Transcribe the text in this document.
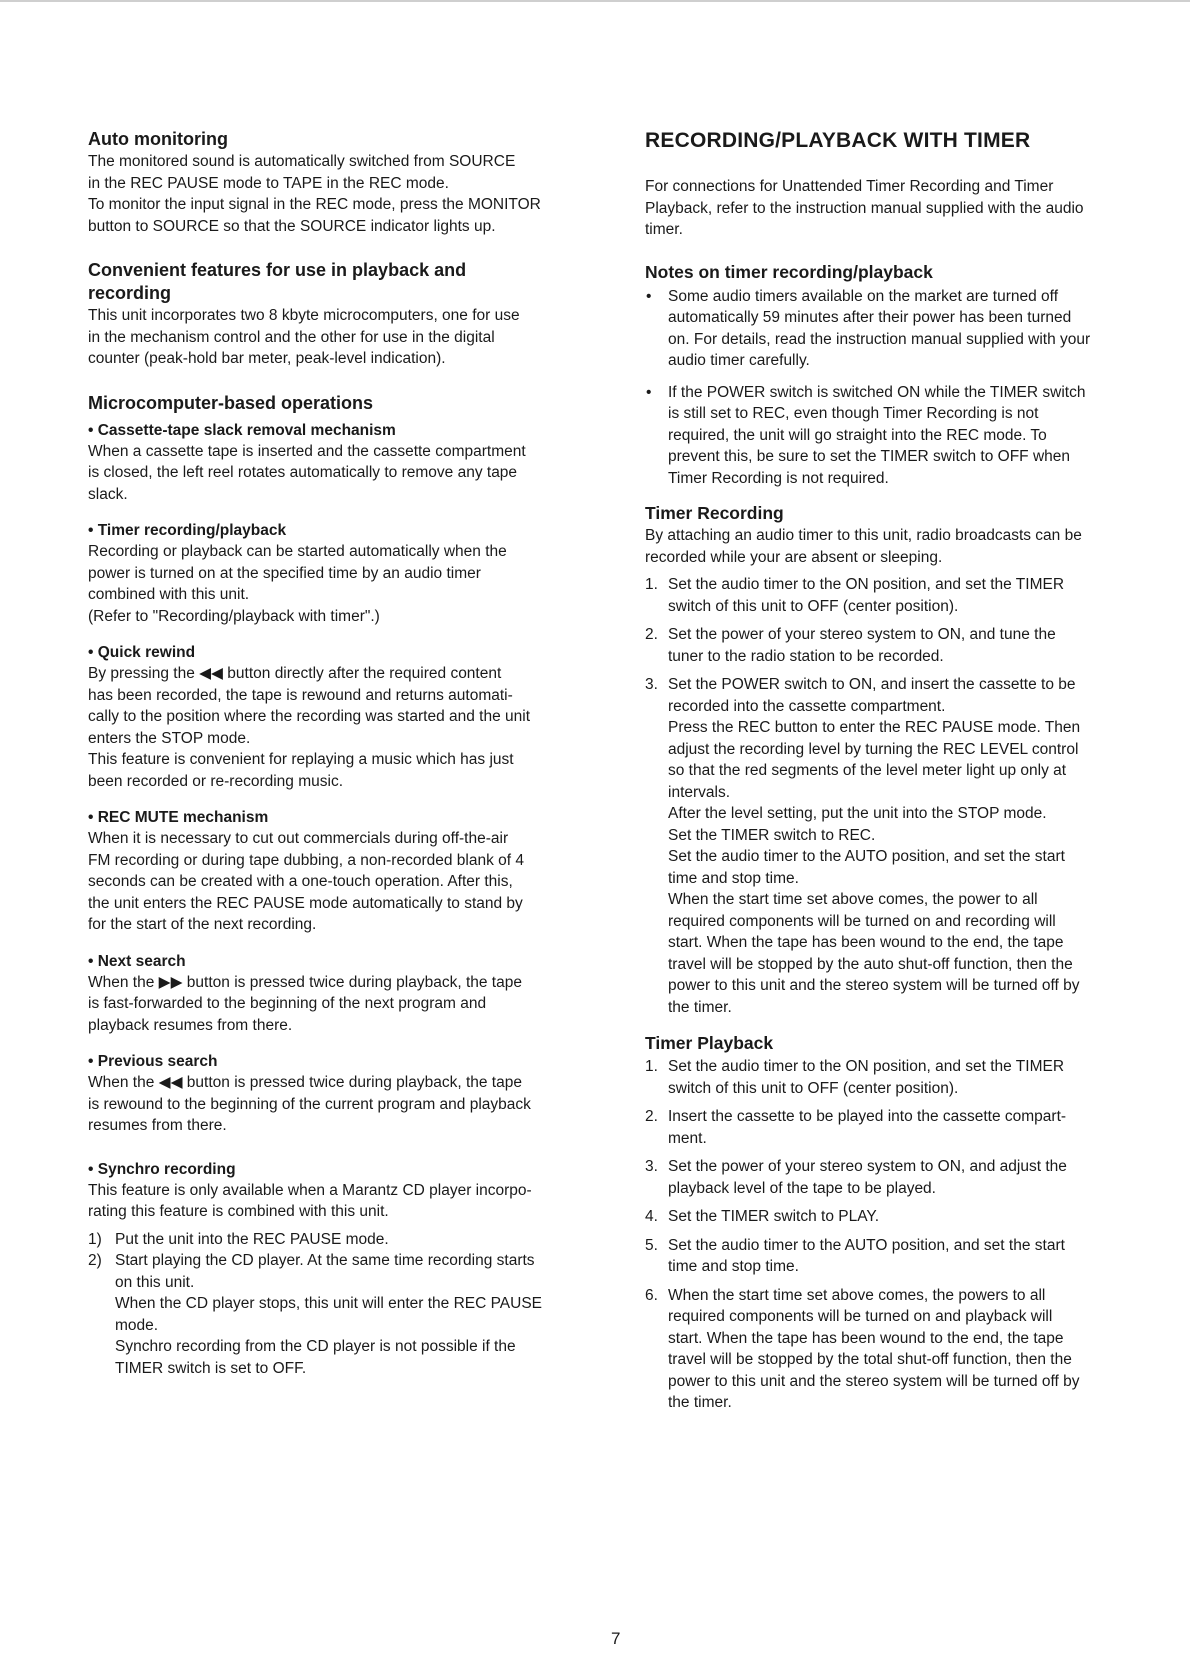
Auto monitoring

The monitored sound is automatically switched from SOURCE

in the REC PAUSE mode to TAPE in the REC mode.

To monitor the input signal in the REC mode, press the MONITOR

button to SOURCE so that the SOURCE indicator lights up.

Convenient features for use in playback and

recording

This unit incorporates two 8 kbyte microcomputers, one for use

in the mechanism control and the other for use in the digital

counter (peak-hold bar meter, peak-level indication).

Microcomputer-based operations

• Cassette-tape slack removal mechanism

When a cassette tape is inserted and the cassette compartment

is closed, the left reel rotates automatically to remove any tape

slack.

• Timer recording/playback

Recording or playback can be started automatically when the

power is turned on at the specified time by an audio timer

combined with this unit.

(Refer to "Recording/playback with timer".)

• Quick rewind

By pressing the ◀◀ button directly after the required content

has been recorded, the tape is rewound and returns automati-

cally to the position where the recording was started and the unit

enters the STOP mode.

This feature is convenient for replaying a music which has just

been recorded or re-recording music.

• REC MUTE mechanism

When it is necessary to cut out commercials during off-the-air

FM recording or during tape dubbing, a non-recorded blank of 4

seconds can be created with a one-touch operation. After this,

the unit enters the REC PAUSE mode automatically to stand by

for the start of the next recording.

• Next search

When the ▶▶ button is pressed twice during playback, the tape

is fast-forwarded to the beginning of the next program and

playback resumes from there.

• Previous search

When the ◀◀ button is pressed twice during playback, the tape

is rewound to the beginning of the current program and playback

resumes from there.

• Synchro recording

This feature is only available when a Marantz CD player incorpo-

rating this feature is combined with this unit.

1) Put the unit into the REC PAUSE mode.
2) Start playing the CD player. At the same time recording starts
on this unit.
When the CD player stops, this unit will enter the REC PAUSE
mode.
Synchro recording from the CD player is not possible if the
TIMER switch is set to OFF.

RECORDING/PLAYBACK WITH TIMER

For connections for Unattended Timer Recording and Timer

Playback, refer to the instruction manual supplied with the audio

timer.

Notes on timer recording/playback

• Some audio timers available on the market are turned off
automatically 59 minutes after their power has been turned
on. For details, read the instruction manual supplied with your
audio timer carefully.
• If the POWER switch is switched ON while the TIMER switch
is still set to REC, even though Timer Recording is not
required, the unit will go straight into the REC mode. To
prevent this, be sure to set the TIMER switch to OFF when
Timer Recording is not required.

Timer Recording

By attaching an audio timer to this unit, radio broadcasts can be

recorded while your are absent or sleeping.

1. Set the audio timer to the ON position, and set the TIMER
switch of this unit to OFF (center position).
2. Set the power of your stereo system to ON, and tune the
tuner to the radio station to be recorded.
3. Set the POWER switch to ON, and insert the cassette to be
recorded into the cassette compartment.
Press the REC button to enter the REC PAUSE mode. Then
adjust the recording level by turning the REC LEVEL control
so that the red segments of the level meter light up only at
intervals.
After the level setting, put the unit into the STOP mode.
Set the TIMER switch to REC.
Set the audio timer to the AUTO position, and set the start
time and stop time.
When the start time set above comes, the power to all
required components will be turned on and recording will
start. When the tape has been wound to the end, the tape
travel will be stopped by the auto shut-off function, then the
power to this unit and the stereo system will be turned off by
the timer.

Timer Playback

1. Set the audio timer to the ON position, and set the TIMER
switch of this unit to OFF (center position).
2. Insert the cassette to be played into the cassette compart-
ment.
3. Set the power of your stereo system to ON, and adjust the
playback level of the tape to be played.
4. Set the TIMER switch to PLAY.
5. Set the audio timer to the AUTO position, and set the start
time and stop time.
6. When the start time set above comes, the powers to all
required components will be turned on and playback will
start. When the tape has been wound to the end, the tape
travel will be stopped by the total shut-off function, then the
power to this unit and the stereo system will be turned off by
the timer.
7
